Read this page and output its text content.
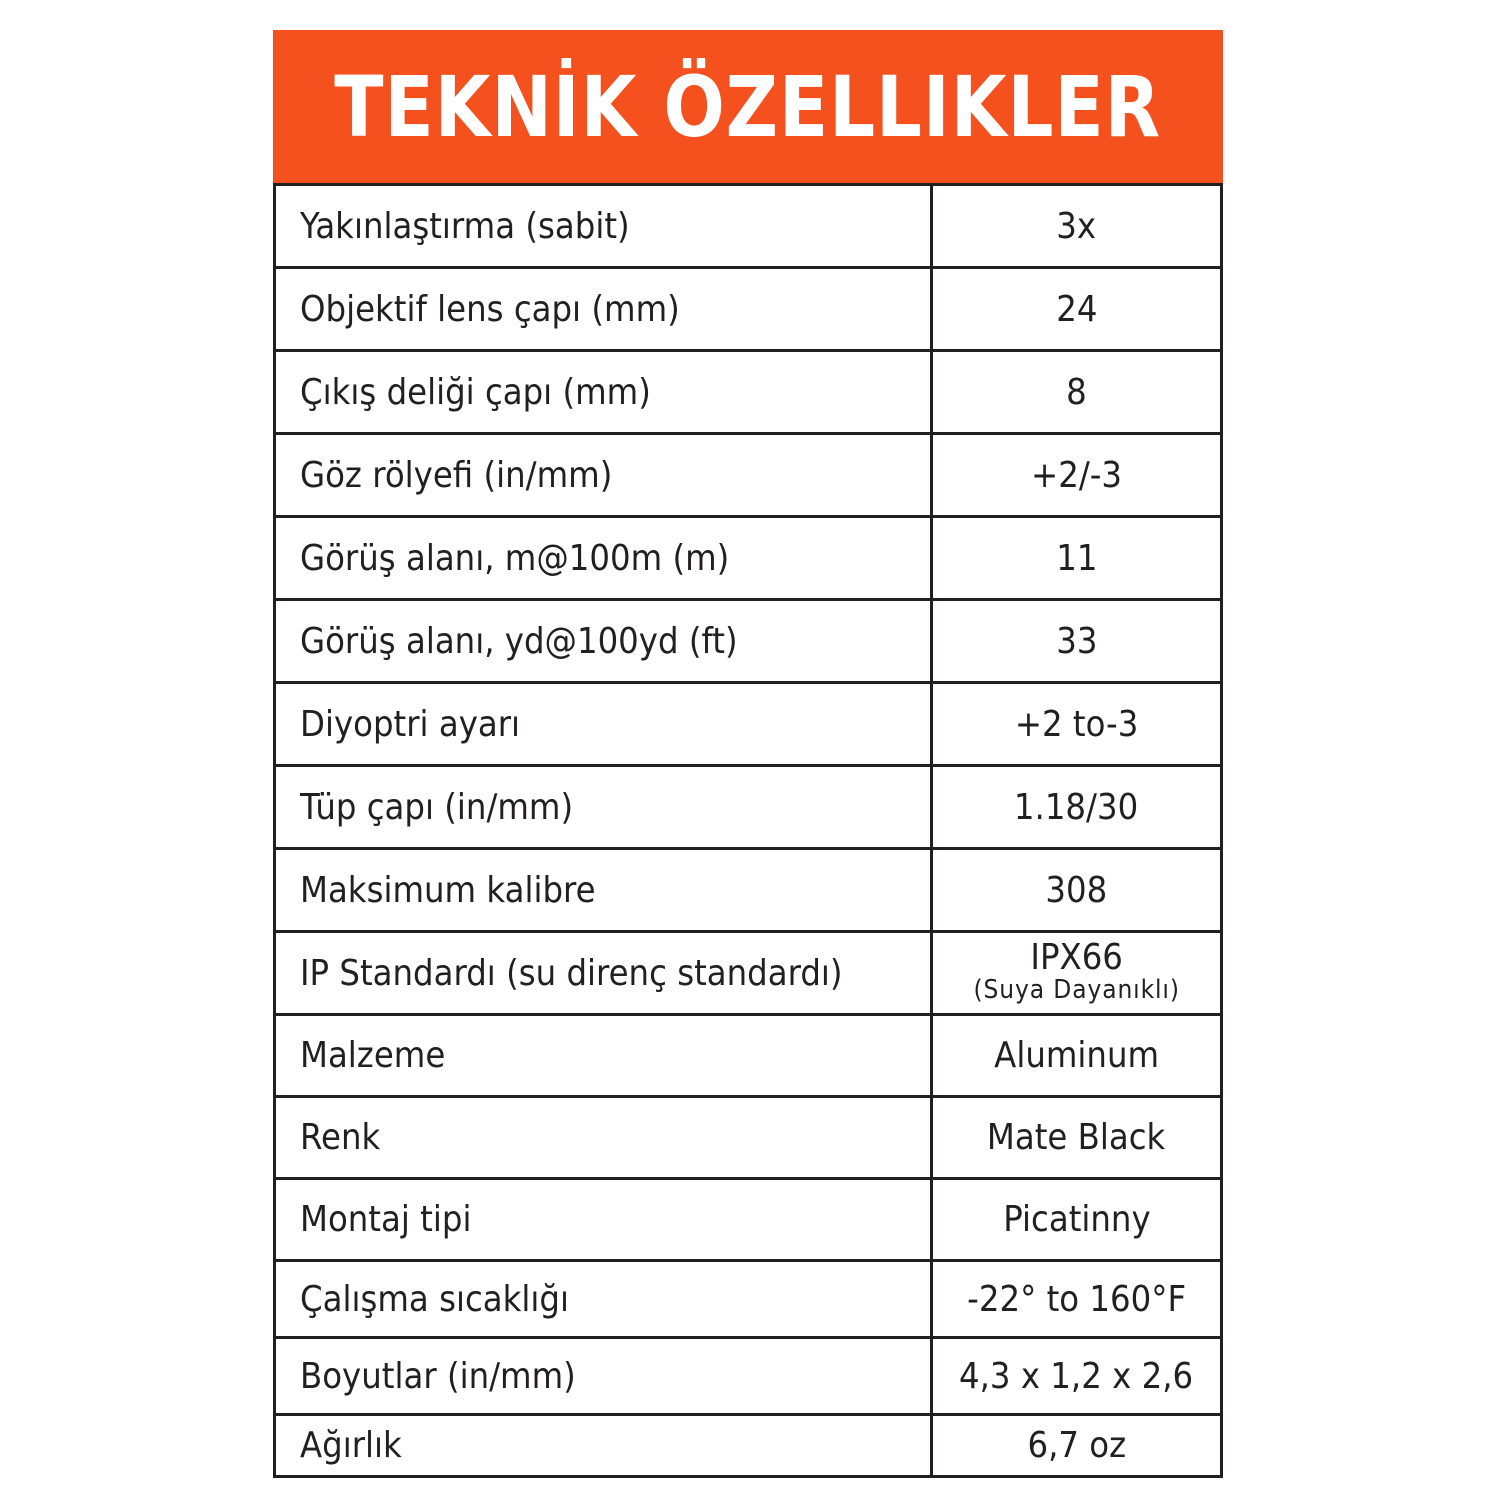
TEKNİK ÖZELLIKLER
Yakınlaştırma (sabit)	3x
Objektif lens çapı (mm)	24
Çıkış deliği çapı (mm)	8
Göz rölyefi (in/mm)	+2/-3
Görüş alanı, m@100m (m)	11
Görüş alanı, yd@100yd (ft)	33
Diyoptri ayarı	+2 to-3
Tüp çapı (in/mm)	1.18/30
Maksimum kalibre	308
IP Standardı (su direnç standardı)	IPX66
(Suya Dayanıklı)

Malzeme	Aluminum
Renk	Mate Black
Montaj tipi	Picatinny
Çalışma sıcaklığı	-22° to 160°F
Boyutlar (in/mm)	4,3 x 1,2 x 2,6
Ağırlık	6,7 oz
